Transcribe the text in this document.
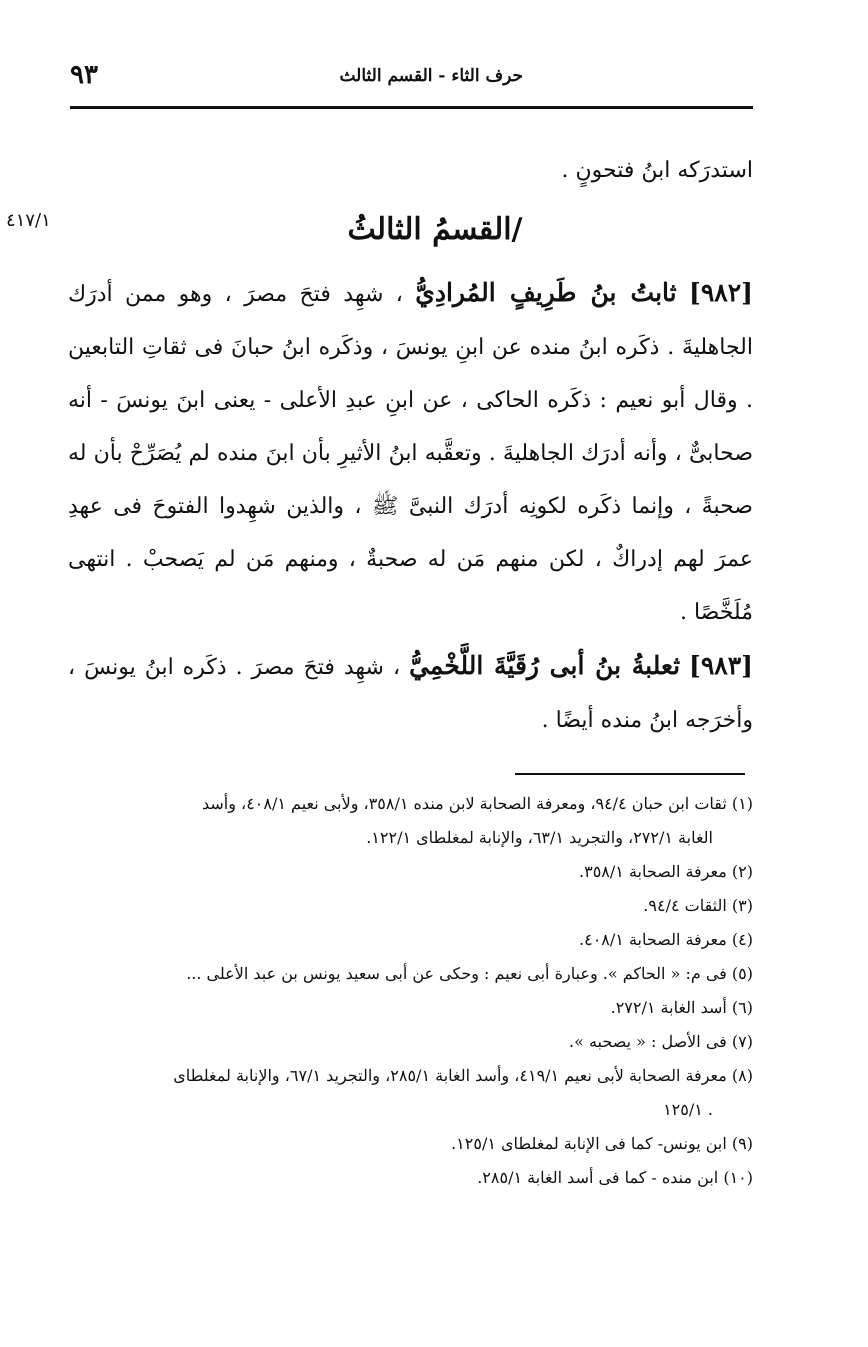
٩٣	حرف الثاء - القسم الثالث
استدرَكه ابنُ فتحونٍ .
٤١٧/١	/القسمُ الثالثُ

[٩٨٢] ثابتُ بنُ طَرِيفٍ المُرادِيُّ ، شهِد فتحَ مصرَ ، وهو ممن أدرَك الجاهليةَ . ذكَره ابنُ منده عن ابنِ يونسَ ، وذكَره ابنُ حبانَ فى ثقاتِ التابعين . وقال أبو نعيم : ذكَره الحاكى ، عن ابنِ عبدِ الأعلى - يعنى ابنَ يونسَ - أنه صحابىٌّ ، وأنه أدرَك الجاهليةَ . وتعقَّبه ابنُ الأثيرِ بأن ابنَ منده لم يُصَرِّحْ بأن له صحبةً ، وإنما ذكَره لكونِه أدرَك النبىَّ ﷺ ، والذين شهِدوا الفتوحَ فى عهدِ عمرَ لهم إدراكٌ ، لكن منهم مَن له صحبةٌ ، ومنهم مَن لم يَصحبْ . انتهى مُلَخَّصًا .

[٩٨٣] ثعلبةُ بنُ أبى رُقَيَّةَ اللَّخْمِيُّ ، شهِد فتحَ مصرَ . ذكَره ابنُ يونسَ ، وأخرَجه ابنُ منده أيضًا .

(١) ثقات ابن حبان ٩٤/٤، ومعرفة الصحابة لابن منده ٣٥٨/١، ولأبى نعيم ٤٠٨/١، وأسد
الغابة ٢٧٢/١، والتجريد ٦٣/١، والإنابة لمغلطاى ١٢٢/١.
(٢) معرفة الصحابة ٣٥٨/١.
(٣) الثقات ٩٤/٤.
(٤) معرفة الصحابة ٤٠٨/١.
(٥) فى م: « الحاكم ». وعبارة أبى نعيم : وحكى عن أبى سعيد يونس بن عبد الأعلى ...
(٦) أسد الغابة ٢٧٢/١.
(٧) فى الأصل : « يصحبه ».
(٨) معرفة الصحابة لأبى نعيم ٤١٩/١، وأسد الغابة ٢٨٥/١، والتجريد ٦٧/١، والإنابة لمغلطاى
. ١٢٥/١
(٩) ابن يونس- كما فى الإنابة لمغلطاى ١٢٥/١.
(١٠) ابن منده - كما فى أسد الغابة ٢٨٥/١.
